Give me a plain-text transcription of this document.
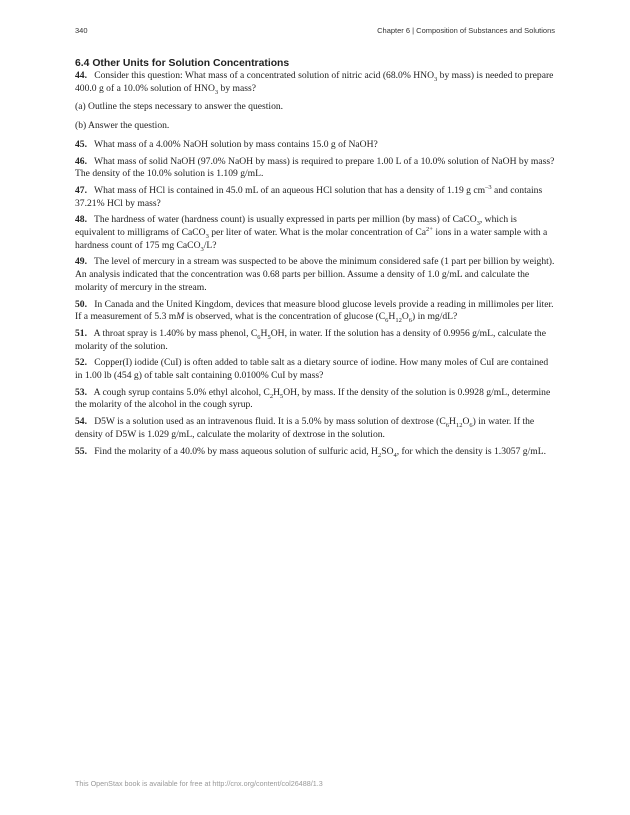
340	Chapter 6 | Composition of Substances and Solutions
6.4 Other Units for Solution Concentrations
44. Consider this question: What mass of a concentrated solution of nitric acid (68.0% $HNO_3$ by mass) is needed to prepare 400.0 g of a 10.0% solution of $HNO_3$ by mass?
(a) Outline the steps necessary to answer the question.
(b) Answer the question.
45. What mass of a 4.00% NaOH solution by mass contains 15.0 g of NaOH?
46. What mass of solid NaOH (97.0% NaOH by mass) is required to prepare 1.00 L of a 10.0% solution of NaOH by mass? The density of the 10.0% solution is 1.109 g/mL.
47. What mass of HCl is contained in 45.0 mL of an aqueous HCl solution that has a density of 1.19 g $cm^{-3}$ and contains 37.21% HCl by mass?
48. The hardness of water (hardness count) is usually expressed in parts per million (by mass) of CaCO$_3$, which is equivalent to milligrams of CaCO$_3$ per liter of water. What is the molar concentration of $Ca^{2+}$ ions in a water sample with a hardness count of 175 mg CaCO$_3$/L?
49. The level of mercury in a stream was suspected to be above the minimum considered safe (1 part per billion by weight). An analysis indicated that the concentration was 0.68 parts per billion. Assume a density of 1.0 g/mL and calculate the molarity of mercury in the stream.
50. In Canada and the United Kingdom, devices that measure blood glucose levels provide a reading in millimoles per liter. If a measurement of 5.3 mM is observed, what is the concentration of glucose $(C_6H_{12}O_6)$ in mg/dL?
51. A throat spray is 1.40% by mass phenol, $C_6H_5OH$, in water. If the solution has a density of 0.9956 g/mL, calculate the molarity of the solution.
52. Copper(I) iodide (CuI) is often added to table salt as a dietary source of iodine. How many moles of CuI are contained in 1.00 lb (454 g) of table salt containing 0.0100% CuI by mass?
53. A cough syrup contains 5.0% ethyl alcohol, $C_2H_5OH$, by mass. If the density of the solution is 0.9928 g/mL, determine the molarity of the alcohol in the cough syrup.
54. D5W is a solution used as an intravenous fluid. It is a 5.0% by mass solution of dextrose $(C_6H_{12}O_6)$ in water. If the density of D5W is 1.029 g/mL, calculate the molarity of dextrose in the solution.
55. Find the molarity of a 40.0% by mass aqueous solution of sulfuric acid, $H_2SO_4$, for which the density is 1.3057 g/mL.
This OpenStax book is available for free at http://cnx.org/content/col26488/1.3
